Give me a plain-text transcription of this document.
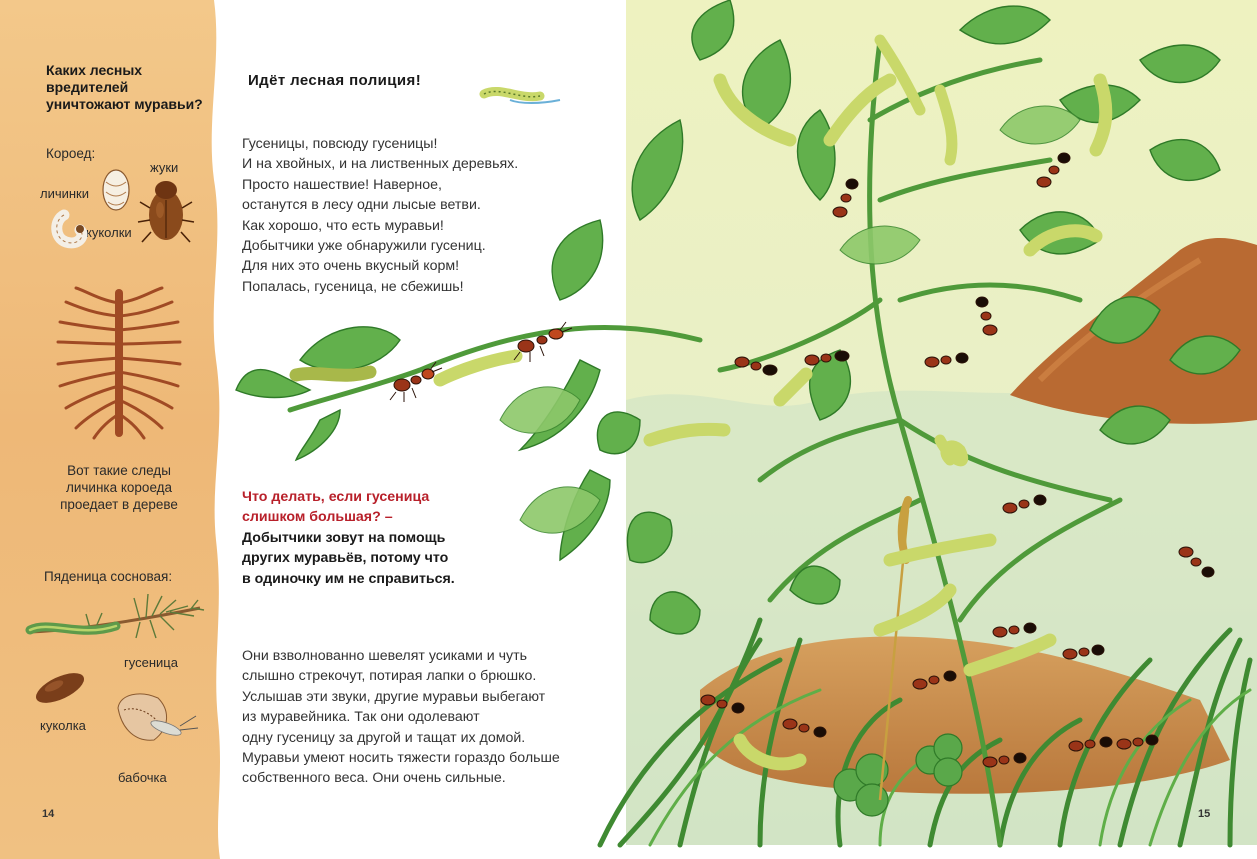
Каких лесных вредителей уничтожают муравьи?
Короед:
жуки
личинки
куколки
Вот такие следы
личинка короеда
проедает в дереве
Пяденица сосновая:
гусеница
куколка
бабочка
14
Идёт лесная полиция!
Гусеницы, повсюду гусеницы!
И на хвойных, и на лиственных деревьях.
Просто нашествие! Наверное,
останутся в лесу одни лысые ветви.
Как хорошо, что есть муравьи!
Добытчики уже обнаружили гусениц.
Для них это очень вкусный корм!
Попалась, гусеница, не сбежишь!
Что делать, если гусеница
слишком большая? –
Добытчики зовут на помощь
других муравьёв, потому что
в одиночку им не справиться.
Они взволнованно шевелят усиками и чуть
слышно стрекочут, потирая лапки о брюшко.
Услышав эти звуки, другие муравьи выбегают
из муравейника. Так они одолевают
одну гусеницу за другой и тащат их домой.
Муравьи умеют носить тяжести гораздо больше
собственного веса. Они очень сильные.
15
